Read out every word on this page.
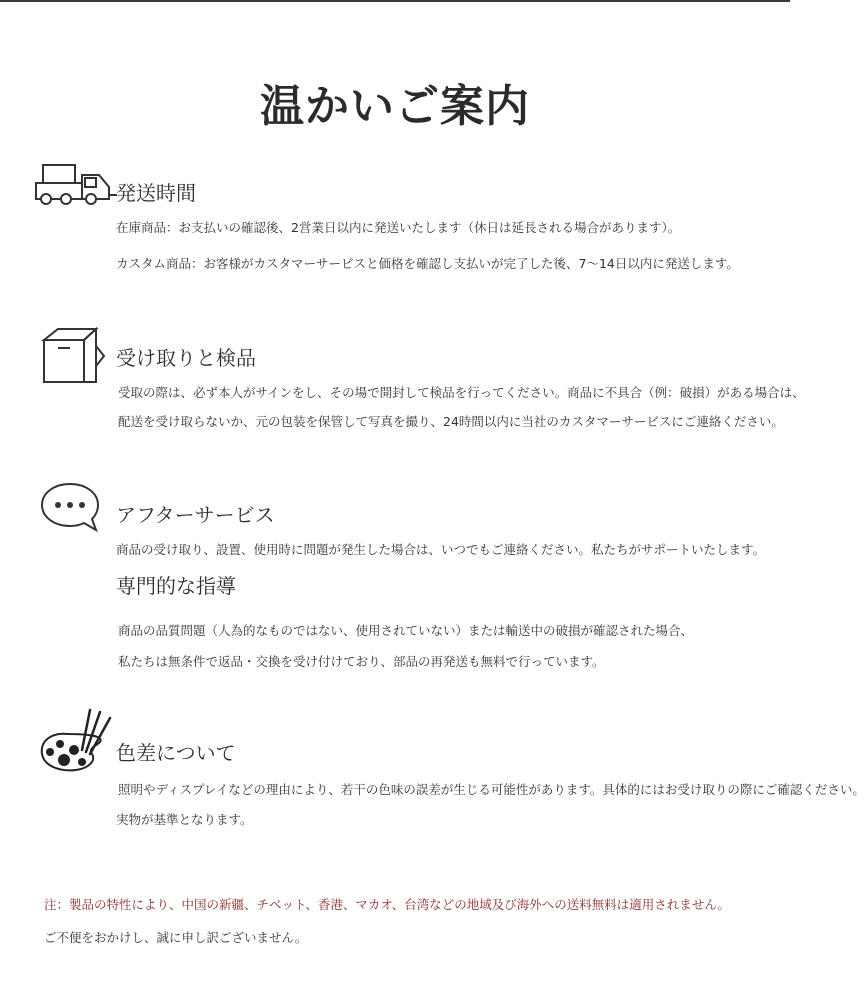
温かいご案内
発送時間
在庫商品：お支払いの確認後、2営業日以内に発送いたします（休日は延長される場合があります）。
カスタム商品：お客様がカスタマーサービスと価格を確認し支払いが完了した後、7〜14日以内に発送します。
受け取りと検品
受取の際は、必ず本人がサインをし、その場で開封して検品を行ってください。商品に不具合（例：破損）がある場合は、
配送を受け取らないか、元の包装を保管して写真を撮り、24時間以内に当社のカスタマーサービスにご連絡ください。
アフターサービス
商品の受け取り、設置、使用時に問題が発生した場合は、いつでもご連絡ください。私たちがサポートいたします。
専門的な指導
商品の品質問題（人為的なものではない、使用されていない）または輸送中の破損が確認された場合、
私たちは無条件で返品・交換を受け付けており、部品の再発送も無料で行っています。
色差について
照明やディスプレイなどの理由により、若干の色味の誤差が生じる可能性があります。具体的にはお受け取りの際にご確認ください。
実物が基準となります。
注：製品の特性により、中国の新疆、チベット、香港、マカオ、台湾などの地域及び海外への送料無料は適用されません。
ご不便をおかけし、誠に申し訳ございません。
